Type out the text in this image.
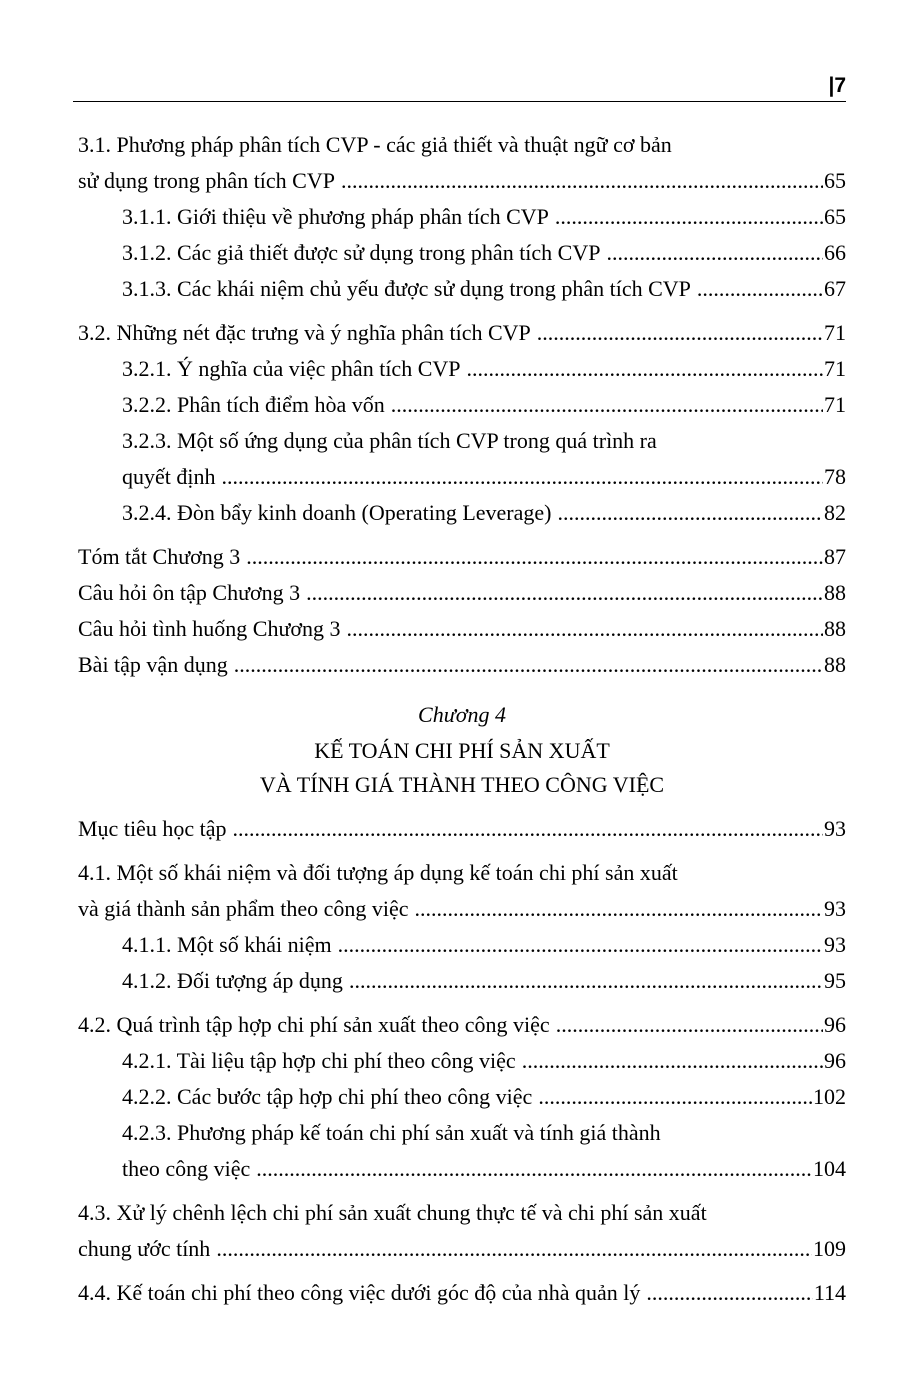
|7
3.1. Phương pháp phân tích CVP - các giả thiết và thuật ngữ cơ bản
sử dụng trong phân tích CVP .....	65
3.1.1. Giới thiệu về phương pháp phân tích CVP .....	65
3.1.2. Các giả thiết được sử dụng trong phân tích CVP .....	66
3.1.3. Các khái niệm chủ yếu được sử dụng trong phân tích CVP .....	67
3.2. Những nét đặc trưng và ý nghĩa phân tích CVP .....	71
3.2.1. Ý nghĩa của việc phân tích CVP .....	71
3.2.2. Phân tích điểm hòa vốn .....	71
3.2.3. Một số ứng dụng của phân tích CVP trong quá trình ra
quyết định .....	78
3.2.4. Đòn bẩy kinh doanh (Operating Leverage) .....	82
Tóm tắt Chương 3 .....	87
Câu hỏi ôn tập Chương 3 .....	88
Câu hỏi tình huống Chương 3 .....	88
Bài tập vận dụng .....	88
Chương 4
KẾ TOÁN CHI PHÍ SẢN XUẤT
VÀ TÍNH GIÁ THÀNH THEO CÔNG VIỆC
Mục tiêu học tập .....	93
4.1. Một số khái niệm và đối tượng áp dụng kế toán chi phí sản xuất
và giá thành sản phẩm theo công việc .....	93
4.1.1. Một số khái niệm .....	93
4.1.2. Đối tượng áp dụng .....	95
4.2. Quá trình tập hợp chi phí sản xuất theo công việc .....	96
4.2.1. Tài liệu tập hợp chi phí theo công việc .....	96
4.2.2. Các bước tập hợp chi phí theo công việc .....	102
4.2.3. Phương pháp kế toán chi phí sản xuất và tính giá thành
theo công việc .....	104
4.3. Xử lý chênh lệch chi phí sản xuất chung thực tế và chi phí sản xuất
chung ước tính .....	109
4.4. Kế toán chi phí theo công việc dưới góc độ của nhà quản lý .....	114
